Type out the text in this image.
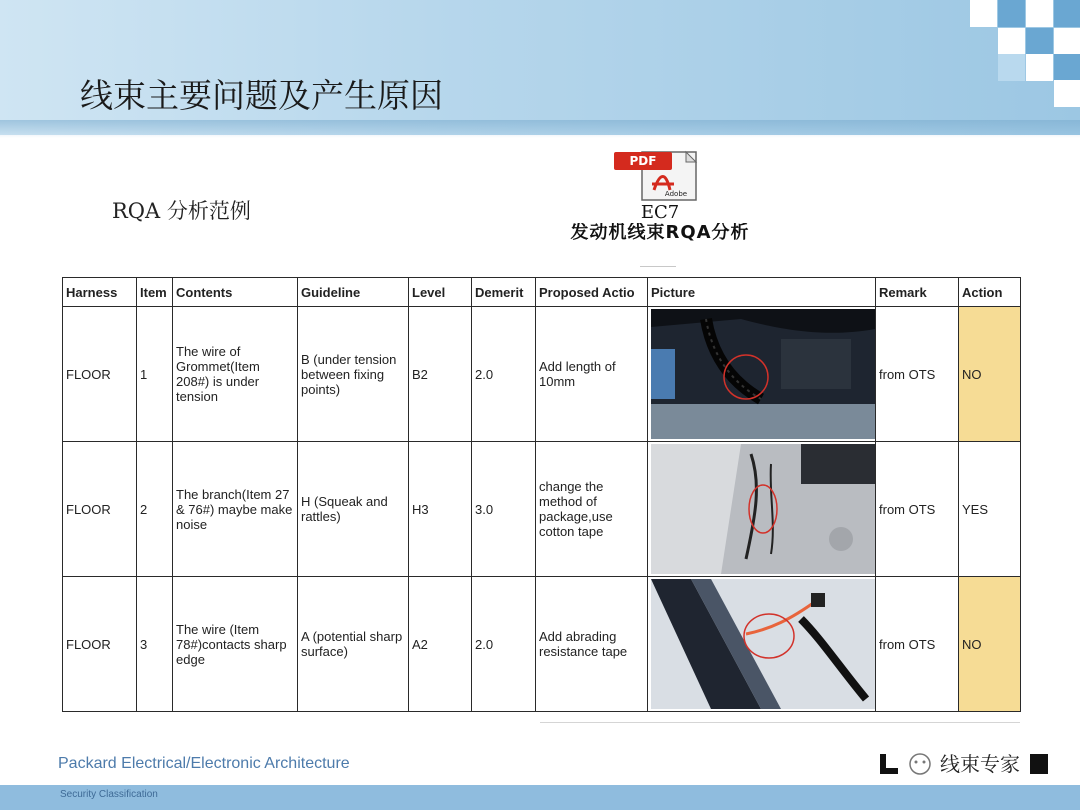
线束主要问题及产生原因
RQA 分析范例
PDF
Adobe
EC7
发动机线束RQA分析
Harness	Item	Contents	Guideline	Level	Demerit	Proposed Actio	Picture	Remark	Action
FLOOR	1	The wire of Grommet(Item 208#) is under tension	B (under tension between fixing points)	B2	2.0	Add length of 10mm		from OTS	NO
FLOOR	2	The branch(Item 27 & 76#) maybe make noise	H (Squeak and rattles)	H3	3.0	change the method of package,use cotton tape		from OTS	YES
FLOOR	3	The wire (Item 78#)contacts sharp edge	A (potential sharp surface)	A2	2.0	Add abrading resistance tape		from OTS	NO
Packard Electrical/Electronic Architecture	线束专家
Security Classification
